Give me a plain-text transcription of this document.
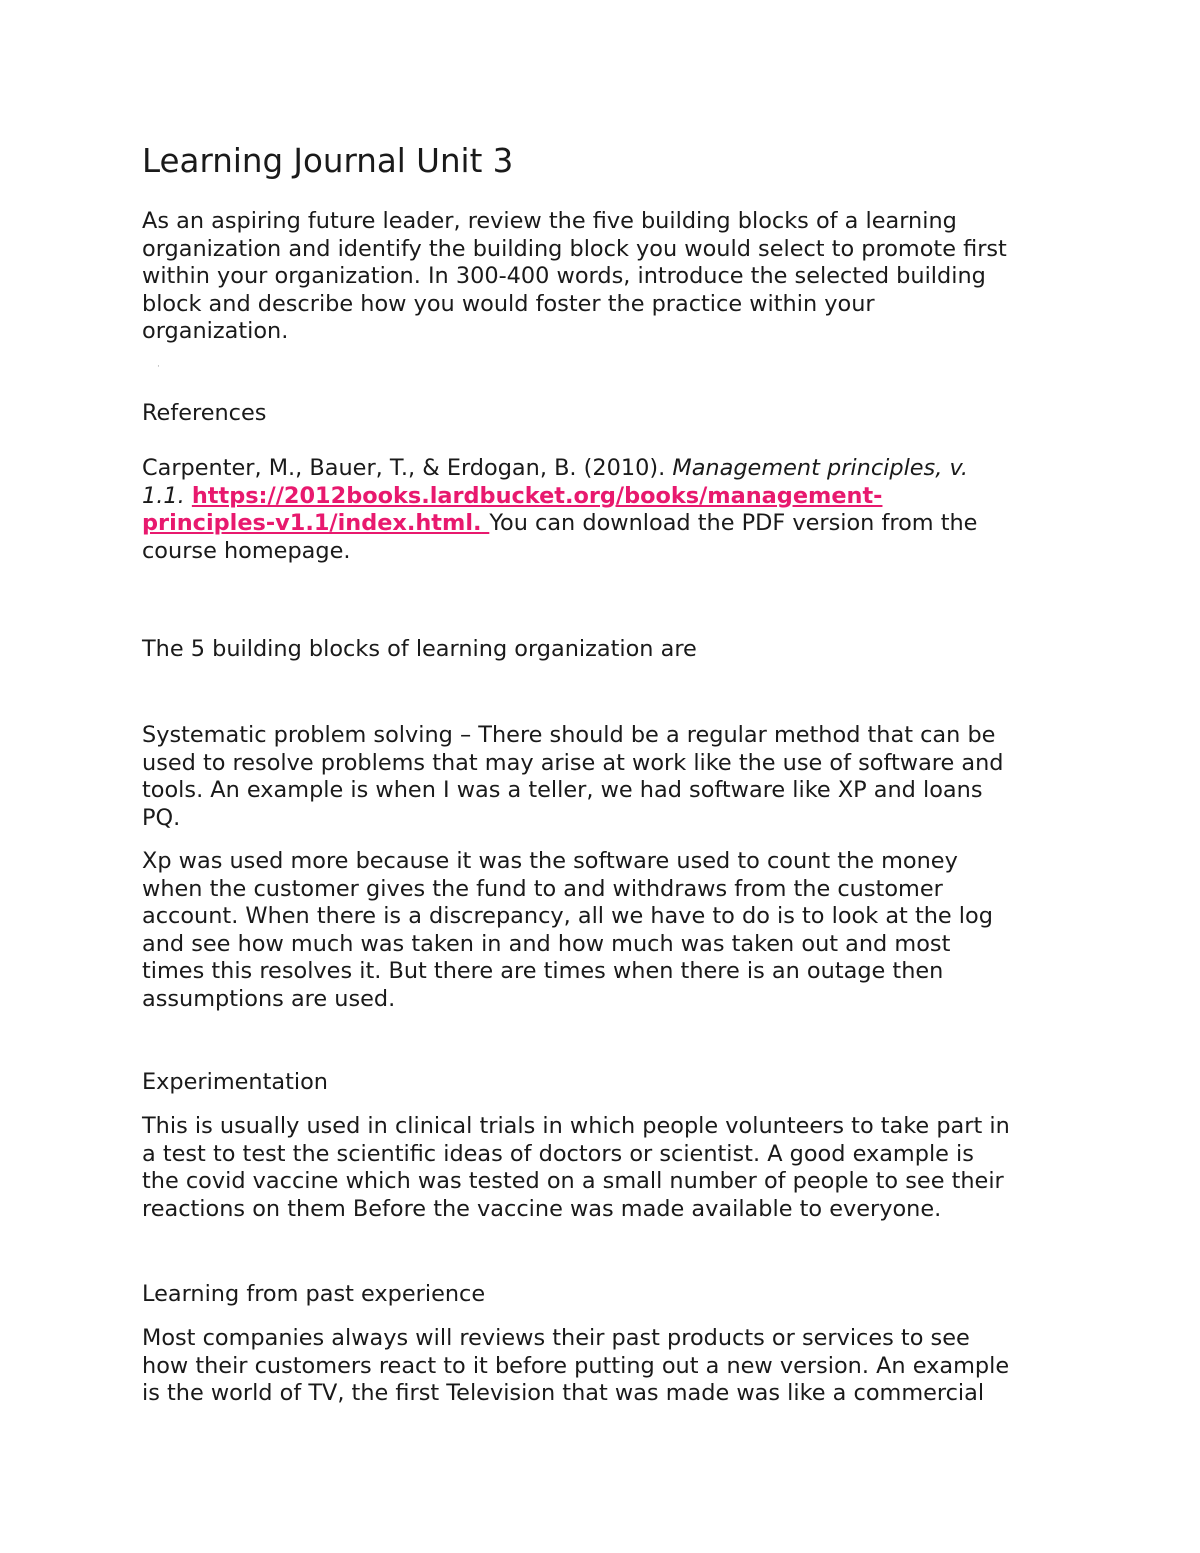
Learning Journal Unit 3

As an aspiring future leader, review the five building blocks of a learning
organization and identify the building block you would select to promote first
within your organization. In 300-400 words, introduce the selected building
block and describe how you would foster the practice within your
organization.

·
References

Carpenter, M., Bauer, T., & Erdogan, B. (2010). Management principles, v.
1.1. https://2012books.lardbucket.org/books/management-
principles-v1.1/index.html. You can download the PDF version from the
course homepage.

The 5 building blocks of learning organization are

Systematic problem solving – There should be a regular method that can be
used to resolve problems that may arise at work like the use of software and
tools. An example is when I was a teller, we had software like XP and loans
PQ.

Xp was used more because it was the software used to count the money
when the customer gives the fund to and withdraws from the customer
account. When there is a discrepancy, all we have to do is to look at the log
and see how much was taken in and how much was taken out and most
times this resolves it. But there are times when there is an outage then
assumptions are used.

Experimentation

This is usually used in clinical trials in which people volunteers to take part in
a test to test the scientific ideas of doctors or scientist. A good example is
the covid vaccine which was tested on a small number of people to see their
reactions on them Before the vaccine was made available to everyone.

Learning from past experience

Most companies always will reviews their past products or services to see
how their customers react to it before putting out a new version. An example
is the world of TV, the first Television that was made was like a commercial
